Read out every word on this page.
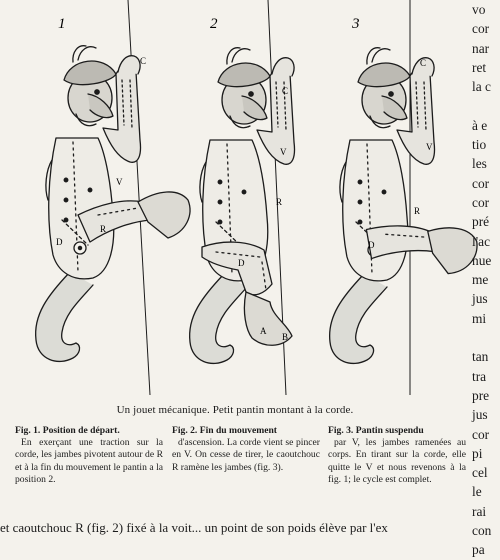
1
C
V
R
D
2
C
V
R
D
A
B
3
C
V
R
D
Un jouet mécanique. Petit pantin montant à la corde.
Fig. 1. Position de départ.
En exerçant une traction sur la corde, les jambes pivotent autour de R et à la fin du mouvement le pantin a la position 2.
Fig. 2. Fin du mouvement
d'ascension. La corde vient se pincer en V. On cesse de tirer, le caoutchouc R ramène les jambes (fig. 3).
Fig. 3. Pantin suspendu
par V, les jambes ramenées au corps. En tirant sur la corde, elle quitte le V et nous revenons à la fig. 1; le cycle est complet.
vo
cor
nar
ret
la c
à e
tio
les
cor
cor
pré
l'ac
nue
me
jus
mi
tan
tra
pre
jus
cor
pi
cel
le
rai
con
pa
et caoutchouc R (fig. 2) fixé à la voit... un point de son poids élève par l'ex
